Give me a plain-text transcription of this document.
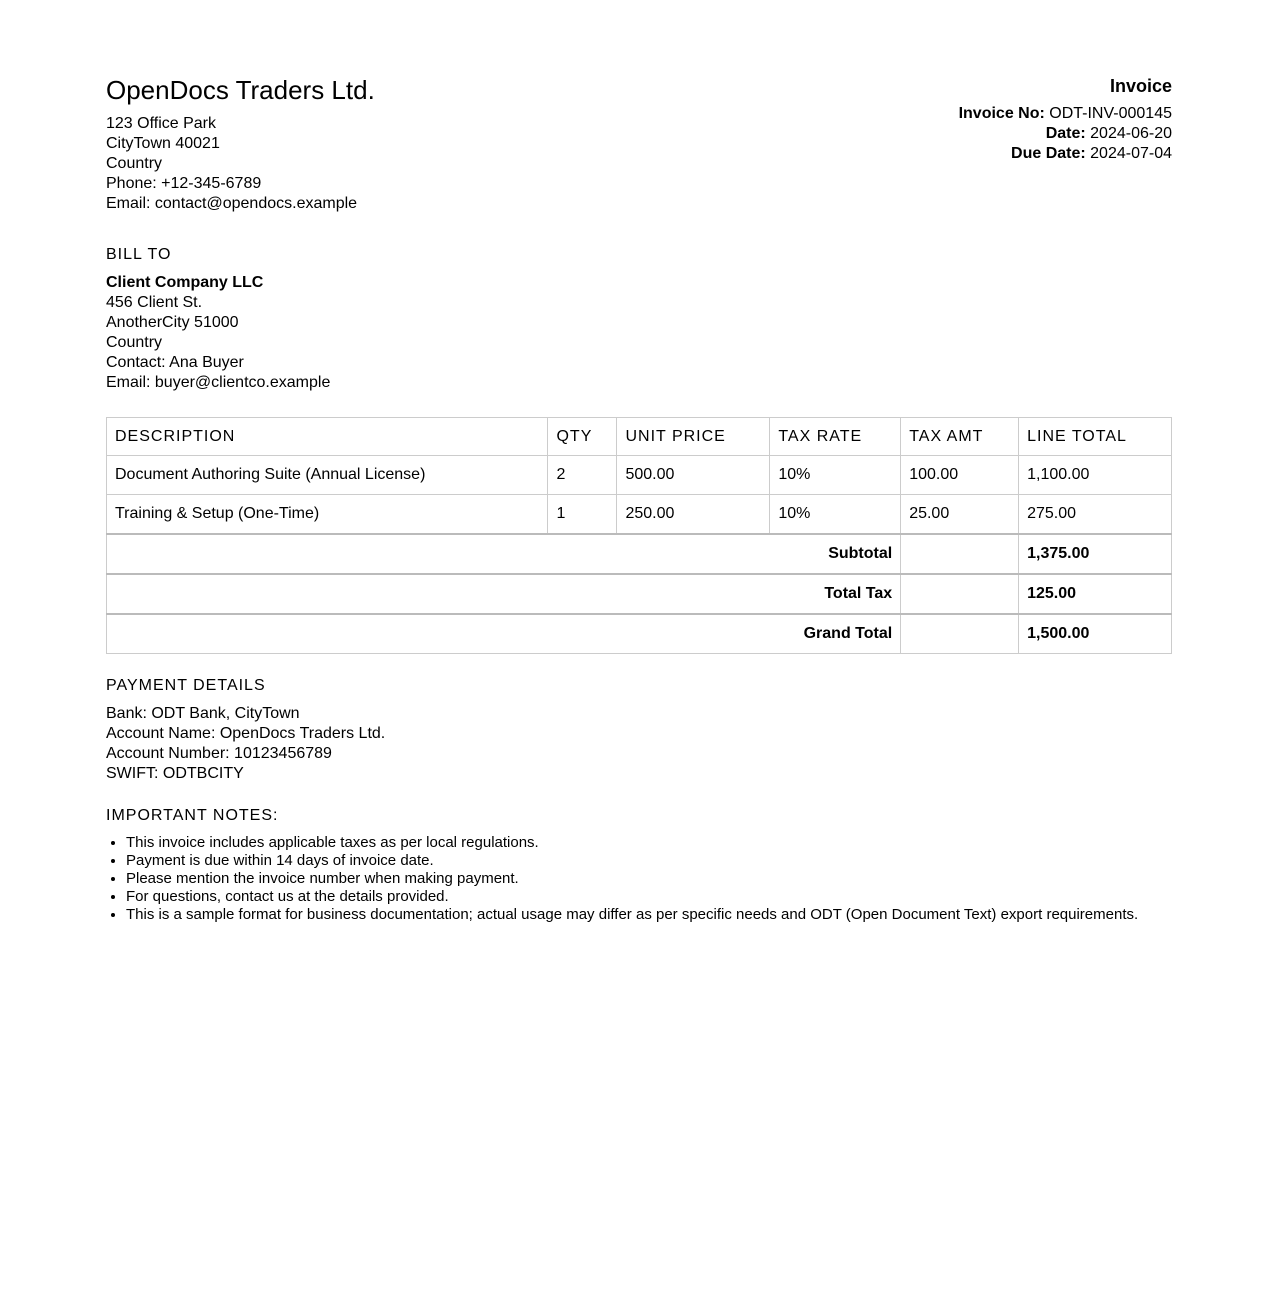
OpenDocs Traders Ltd.
123 Office Park
CityTown 40021
Country
Phone: +12-345-6789
Email: contact@opendocs.example
Invoice
Invoice No: ODT-INV-000145
Date: 2024-06-20
Due Date: 2024-07-04
BILL TO
Client Company LLC
456 Client St.
AnotherCity 51000
Country
Contact: Ana Buyer
Email: buyer@clientco.example
DESCRIPTION	QTY	UNIT PRICE	TAX RATE	TAX AMT	LINE TOTAL
Document Authoring Suite (Annual License)	2	500.00	10%	100.00	1,100.00
Training & Setup (One-Time)	1	250.00	10%	25.00	275.00
Subtotal					1,375.00
Total Tax					125.00
Grand Total					1,500.00
PAYMENT DETAILS
Bank: ODT Bank, CityTown
Account Name: OpenDocs Traders Ltd.
Account Number: 10123456789
SWIFT: ODTBCITY
IMPORTANT NOTES:
• This invoice includes applicable taxes as per local regulations.
• Payment is due within 14 days of invoice date.
• Please mention the invoice number when making payment.
• For questions, contact us at the details provided.
• This is a sample format for business documentation; actual usage may differ as per specific needs and ODT (Open Document Text) export requirements.
